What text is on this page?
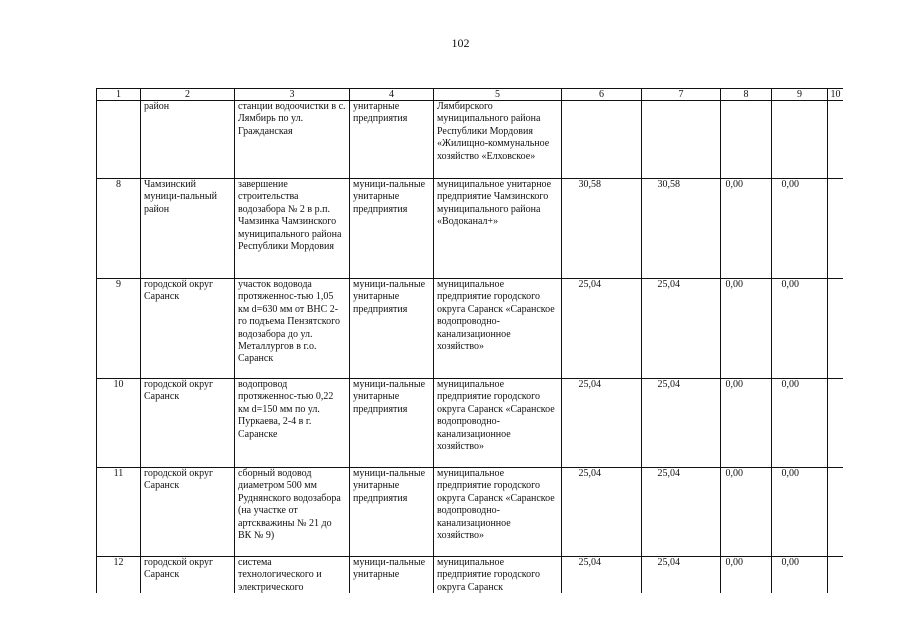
102
1	2	3	4	5	6	7	8	9	10
	район	станции водоочистки в с. Лямбирь по ул. Гражданская	унитарные предприятия	Лямбирского муниципального района Республики Мордовия «Жилищно-коммунальное хозяйство «Елховское»					
8	Чамзинский муници-пальный район	завершение строительства водозабора № 2 в р.п. Чамзинка Чамзинского муниципального района Республики Мордовия	муници-пальные унитарные предприятия	муниципальное унитарное предприятие Чамзинского муниципального района «Водоканал+»	30,58	30,58	0,00	0,00	
9	городской округ Саранск	участок водовода протяженнос-тью 1,05 км d=630 мм от ВНС 2-го подъема Пензятского водозабора до ул. Металлургов в г.о. Саранск	муници-пальные унитарные предприятия	муниципальное предприятие городского округа Саранск «Саранское водопроводно-канализационное хозяйство»	25,04	25,04	0,00	0,00	
10	городской округ Саранск	водопровод протяженнос-тью 0,22 км d=150 мм по ул. Пуркаева, 2-4 в г. Саранске	муници-пальные унитарные предприятия	муниципальное предприятие городского округа Саранск «Саранское водопроводно-канализационное хозяйство»	25,04	25,04	0,00	0,00	
11	городской округ Саранск	сборный водовод диаметром 500 мм Руднянского водозабора (на участке от артскважины № 21 до ВК № 9)	муници-пальные унитарные предприятия	муниципальное предприятие городского округа Саранск «Саранское водопроводно-канализационное хозяйство»	25,04	25,04	0,00	0,00	
12	городской округ Саранск	система технологического и электрического	муници-пальные унитарные	муниципальное предприятие городского округа Саранск	25,04	25,04	0,00	0,00	
